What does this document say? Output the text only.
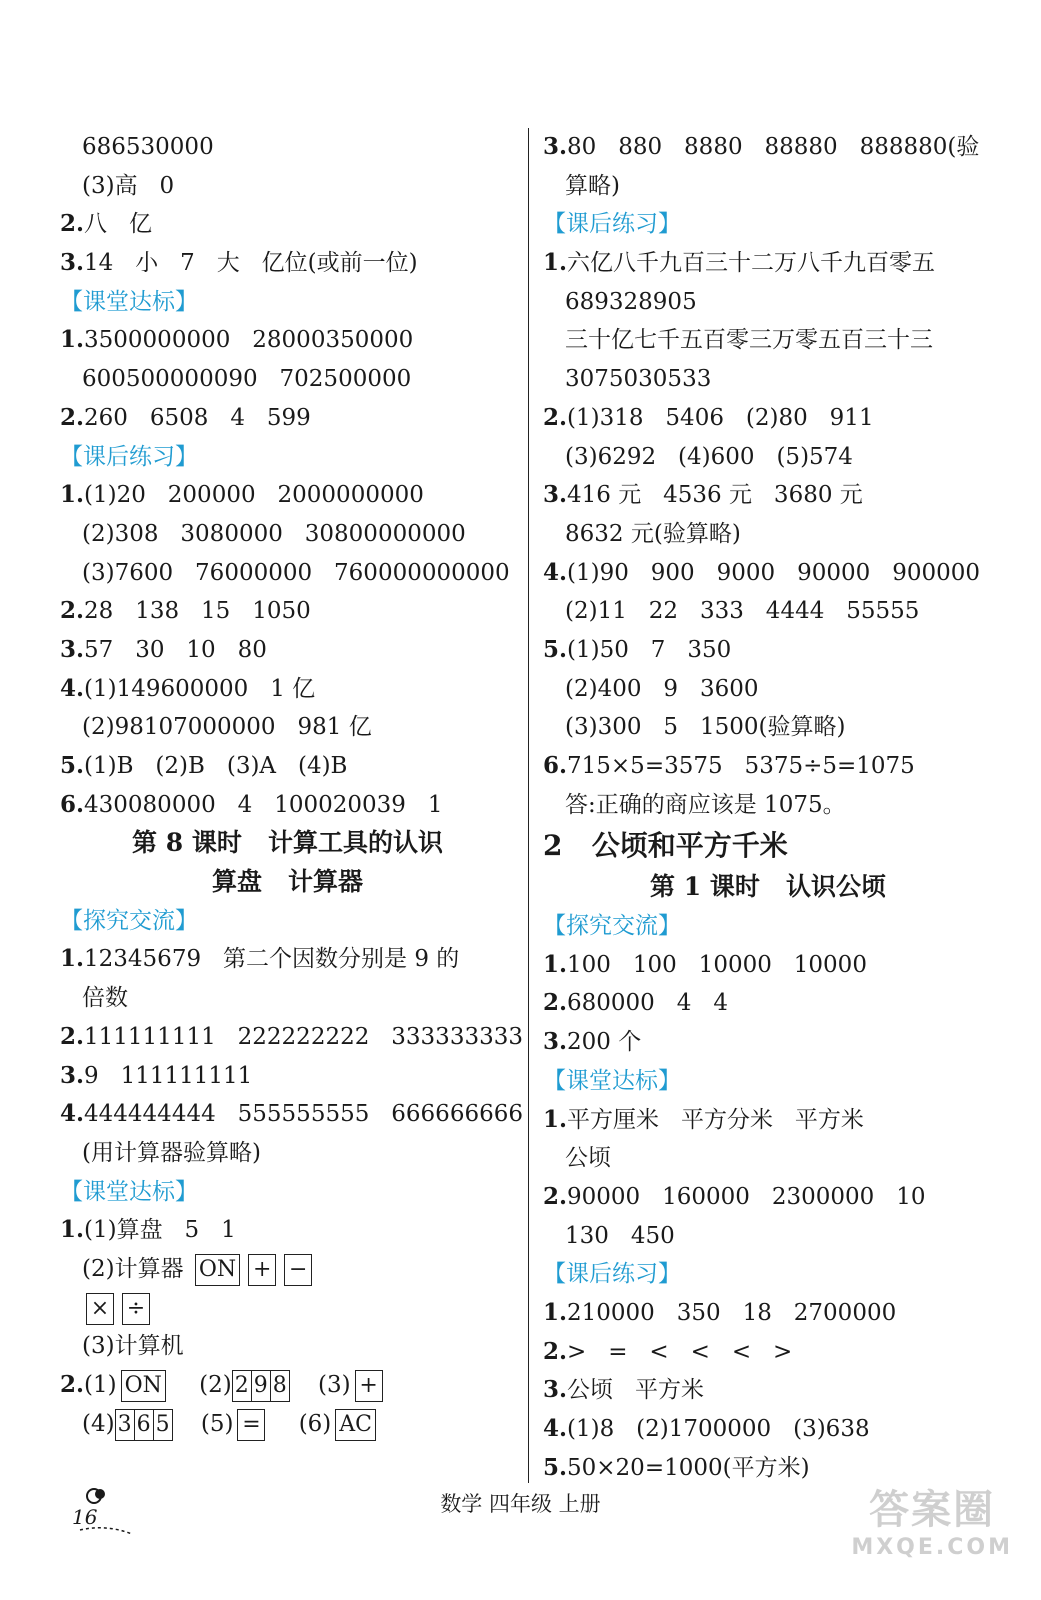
686530000
(3)高   0
2.八   亿
3.14   小   7   大   亿位(或前一位)
【课堂达标】
1.3500000000   28000350000
600500000090   702500000
2.260   6508   4   599
【课后练习】
1.(1)20   200000   2000000000
(2)308   3080000   30800000000
(3)7600   76000000   760000000000
2.28   138   15   1050
3.57   30   10   80
4.(1)149600000   1 亿
(2)98107000000   981 亿
5.(1)B   (2)B   (3)A   (4)B
6.430080000   4   100020039   1
第 8 课时   计算工具的认识
算盘   计算器
【探究交流】
1.12345679   第二个因数分别是 9 的
倍数
2.111111111   222222222   333333333
3.9   111111111
4.444444444   555555555   666666666
(用计算器验算略)
【课堂达标】
1.(1)算盘   5   1
(2)计算器 ON + −
× ÷
(3)计算机
2.(1) ON (2) 2 9 8 (3) +
(4) 3 6 5 (5) = (6) AC
3.80   880   8880   88880   888880(验
算略)
【课后练习】
1.六亿八千九百三十二万八千九百零五
689328905
三十亿七千五百零三万零五百三十三
3075030533
2.(1)318   5406   (2)80   911
(3)6292   (4)600   (5)574
3.416 元   4536 元   3680 元
8632 元(验算略)
4.(1)90   900   9000   90000   900000
(2)11   22   333   4444   55555
5.(1)50   7   350
(2)400   9   3600
(3)300   5   1500(验算略)
6.715×5=3575   5375÷5=1075
答:正确的商应该是 1075。
2   公顷和平方千米
第 1 课时   认识公顷
【探究交流】
1.100   100   10000   10000
2.680000   4   4
3.200 个
【课堂达标】
1.平方厘米   平方分米   平方米
公顷
2.90000   160000   2300000   10
130   450
【课后练习】
1.210000   350   18   2700000
2.>   =   <   <   <   >
3.公顷   平方米
4.(1)8   (2)1700000   (3)638
5.50×20=1000(平方米)
16
数学 四年级 上册	答案圈
MXQE.COM
